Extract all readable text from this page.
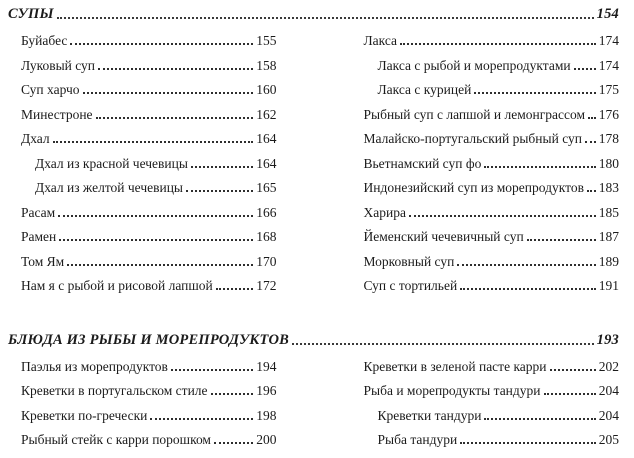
СУПЫ	154
Буйабес	155
Луковый суп	158
Суп харчо	160
Минестроне	162
Дхал	164
Дхал из красной чечевицы	164
Дхал из желтой чечевицы	165
Расам	166
Рамен	168
Том Ям	170
Нам я с рыбой и рисовой лапшой	172
Лакса	174
Лакса с рыбой и морепродуктами 174
Лакса с курицей	175
Рыбный суп с лапшой и лемонграссом 176
Малайско-португальский рыбный суп 178
Вьетнамский суп фо	180
Индонезийский суп из морепродуктов 183
Харира	185
Йеменский чечевичный суп	187
Морковный суп	189
Суп с тортильей	191
БЛЮДА ИЗ РЫБЫ И МОРЕПРОДУКТОВ	193
Паэлья из морепродуктов	194
Креветки в португальском стиле	196
Креветки по-гречески	198
Рыбный стейк с карри порошком	200
Креветки в зеленой пасте карри	202
Рыба и морепродукты тандури	204
Креветки тандури	204
Рыба тандури	205
